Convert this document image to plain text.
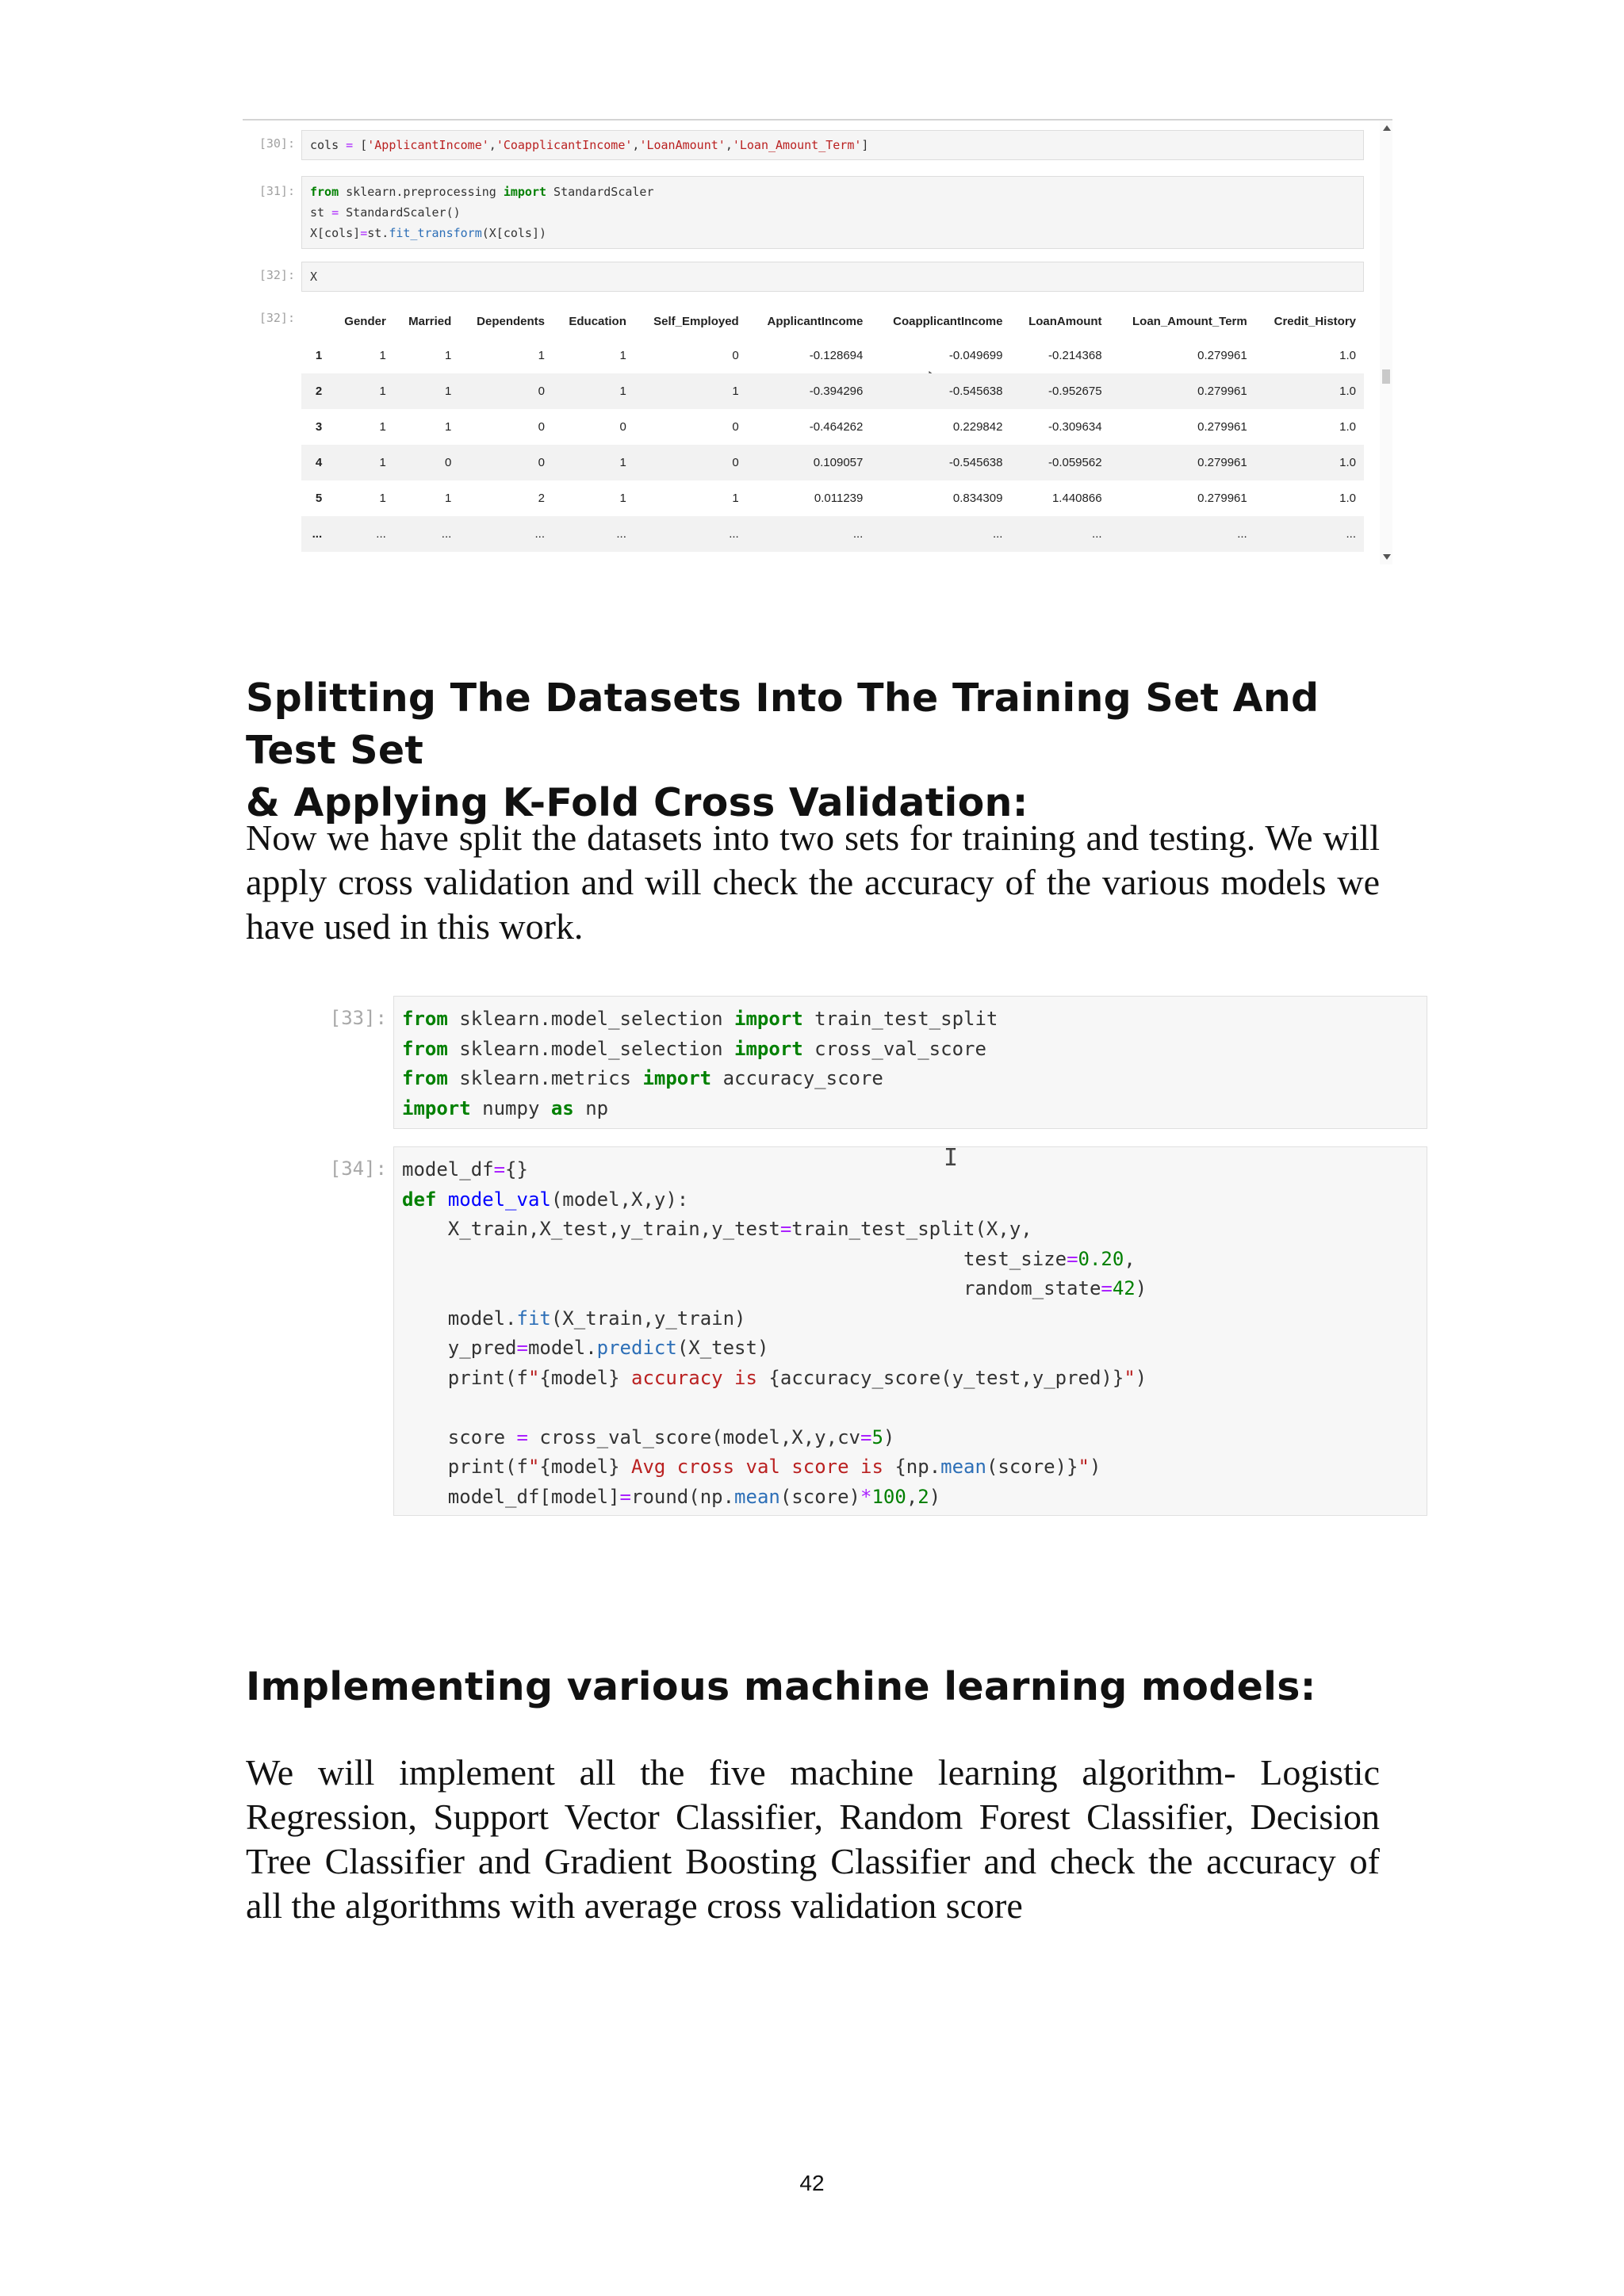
[30]: cols = ['ApplicantIncome','CoapplicantIncome','LoanAmount','Loan_Amount_Term']
[31]: from sklearn.preprocessing import StandardScaler
st = StandardScaler()
X[cols]=st.fit_transform(X[cols])
[32]: X
[32]:
		Gender	Married	Dependents	Education	Self_Employed	ApplicantIncome	CoapplicantIncome	LoanAmount	Loan_Amount_Term	Credit_History
1	1	1	1	1	0	-0.128694	-0.049699	-0.214368	0.279961	1.0
2	1	1	0	1	1	-0.394296	-0.545638	-0.952675	0.279961	1.0
3	1	1	0	0	0	-0.464262	0.229842	-0.309634	0.279961	1.0
4	1	0	0	1	0	0.109057	-0.545638	-0.059562	0.279961	1.0
5	1	1	2	1	1	0.011239	0.834309	1.440866	0.279961	1.0
...	...	...	...	...	...	...	...	...	...	...
Splitting The Datasets Into The Training Set And Test Set
& Applying K-Fold Cross Validation:

Now we have split the datasets into two sets for training and testing. We will apply cross validation and will check the accuracy of the various models we have used in this work.

[33]: from sklearn.model_selection import train_test_split
from sklearn.model_selection import cross_val_score
from sklearn.metrics import accuracy_score
import numpy as np
[34]: model_df={}
def model_val(model,X,y):
X_train,X_test,y_train,y_test=train_test_split(X,y,
test_size=0.20,
random_state=42)
model.fit(X_train,y_train)
y_pred=model.predict(X_test)
print(f"{model} accuracy is {accuracy_score(y_test,y_pred)}")

score = cross_val_score(model,X,y,cv=5)
print(f"{model} Avg cross val score is {np.mean(score)}")
model_df[model]=round(np.mean(score)*100,2)
I
Implementing various machine learning models:

We will implement all the five machine learning algorithm- Logistic Regression, Support Vector Classifier, Random Forest Classifier, Decision Tree Classifier and Gradient Boosting Classifier and check the accuracy of all the algorithms with average cross validation score

42
